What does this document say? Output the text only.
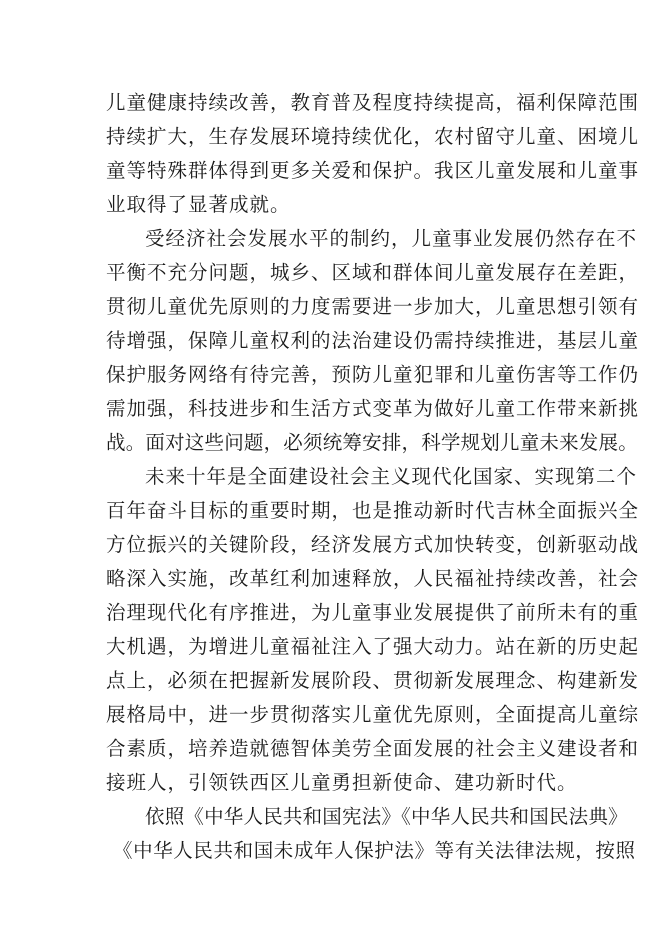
儿童健康持续改善，教育普及程度持续提高，福利保障范围

持续扩大，生存发展环境持续优化，农村留守儿童、困境儿

童等特殊群体得到更多关爱和保护。我区儿童发展和儿童事

业取得了显著成就。

受经济社会发展水平的制约，儿童事业发展仍然存在不

平衡不充分问题，城乡、区域和群体间儿童发展存在差距，

贯彻儿童优先原则的力度需要进一步加大，儿童思想引领有

待增强，保障儿童权利的法治建设仍需持续推进，基层儿童

保护服务网络有待完善，预防儿童犯罪和儿童伤害等工作仍

需加强，科技进步和生活方式变革为做好儿童工作带来新挑

战。面对这些问题，必须统筹安排，科学规划儿童未来发展。

未来十年是全面建设社会主义现代化国家、实现第二个

百年奋斗目标的重要时期，也是推动新时代吉林全面振兴全

方位振兴的关键阶段，经济发展方式加快转变，创新驱动战

略深入实施，改革红利加速释放，人民福祉持续改善，社会

治理现代化有序推进，为儿童事业发展提供了前所未有的重

大机遇，为增进儿童福祉注入了强大动力。站在新的历史起

点上，必须在把握新发展阶段、贯彻新发展理念、构建新发

展格局中，进一步贯彻落实儿童优先原则，全面提高儿童综

合素质，培养造就德智体美劳全面发展的社会主义建设者和

接班人，引领铁西区儿童勇担新使命、建功新时代。

依照《中华人民共和国宪法》《中华人民共和国民法典》

《中华人民共和国未成年人保护法》等有关法律法规，按照
